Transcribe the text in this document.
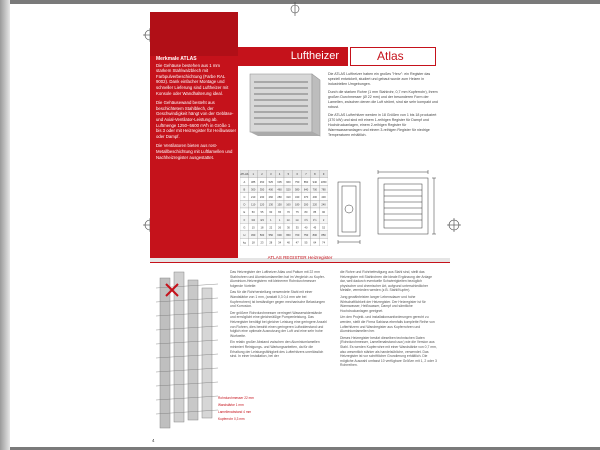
Merkmale ATLAS
Die Gehäuse bestehen aus 1 mm starkem Stahlwalzblech mit Farbpulverbeschichtung (Farbe RAL 9002). Dank einfacher Montage und schneller Lieferung sind Luftheizer mit Konsole oder Wandhalterung ideal.

Die Gehäusewand besteht aus beschichtetem Stahlblech, der Geschwindigkeit hängt von der Gebläse- und Axial-Ventilator-Leistung ab. Luftmenge 1250–5600 m³/h in Größe 1 bis 3 oder mit Heizregister für Heißwasser oder Dampf.

Die Ventilatoren bieten aus rost-Metallbeschichtung mit Luftlamellen und Nachheizregister ausgestattet.

Luftheizer	Atlas

Die ATLAS Luftheizer haben ein großes "Herz": ein Register das speziell entwickelt, studiert und gebaut wurde zum Heizen in industriellen Umgebungen.

Durch die starken Rohre (1 mm Stahlrohr, 0,7 mm Kupferrohr), ihrem großen Durchmesser (Ø 22 mm) und der besonderen Form der Lamellen, zwischen denen die Luft strömt, sind sie sehr kompakt und robust.

Die ATLAS Lufterhitzer werden in 18 Größen von 1 bis 18 produziert (370 kW) und sind mit einem 1-reihigen Register für Dampf und Hochdruckanlagen, einem 2-reihigen Register für Warmwasseranlagen und einem 3-reihigen Register für niedrige Temperaturen erhältlich.

ATLAS 1	2	3	4	5	6	7	8	9
A 385 450 525 605 660 750 850 940 1050
B 300 350 400 460 520 580 640 700 780
C 210 230 260 280 310 340 370 400 430
D 110 120 130 150 160 180 200 220 240
E 50 55 60 65 70 75 80 85 90
F 3/4 3/4 1	1 1¼	1¼	1½	1½	2
G 15 18 22 26 30 35 40 45 52
H 450 500 550 600 650 700 750 800 850
kg 18 23 28 34 40 47 55 64 74
ATLAS REGISTER Heizregister
Rohrdurchmesser 22 mm
Wandstärke 1 mm
Lamellenabstand 4 mm
Kupferrohr 0,3 mm

Das Heizregister der Luftheizer Atlas und Paltum mit 22 mm Stahlrohren und Aluminiumlamellen hat im Vergleich zu Kupfer-Aluminium-Heizregistern mit kleinerem Rohrdurchmesser folgende Vorteile:

Das für die Rohrherstellung verwendete Stahl mit einer Wandstärke von 1 mm, (anstatt 0,3 0,4 mm wie bei Kupferrohren) ist beständiger gegen mechanische Belastungen und Korrosion.

Der größere Rohrdurchmesser verringert Wasserwiderstände und ermöglicht eine gleichmäßige Pumpenleistung. Das Heizregister benötigt bei gleicher Leistung eine geringere Anzahl von Rohren, dies bewirkt einen geringeren Luftwiderstand und folglich eine optimale Ausnutzung der Luft und eine sehr hohe Wurfweite.

Ein relativ großer Abstand zwischen den Aluminiumlamellen minimiert Reinigungs- und Wartungsarbeiten, da für die Erhaltung der Leistungsfähigkeit des Lufterhitzers unerlässlich sind. In einer Installation, bei der

die Rohre und Rohrbefestigung aus Stahl sind, stellt das Heizregister mit Stahlrohren die ideale Ergänzung der Anlage dar, weil dadurch eventuelle Schwierigkeiten bezüglich physischer und chemischer Art, aufgrund unterschiedlicher Metalle, vermieden werden (z.B. Stahl/Kupfer).

Jung gewährleisten langer Lebensdauer und hohe Wirtschaftlichkeit der Heizregister. Der Heizregister ist für Warmwasser, Heißwasser, Dampf und sämtliche Hochdruckanlagen geeignet.

Um den Projekt- und installationsanforderungen gerecht zu werden, stellt die Firma Sabiana ebenfalls komplette Reihe von Lufterhitzern und Wandregister aus Kupferrohren und Aluminiumlamellen her.

Dieses Heizregister besitzt dieselben technischen Daten (Rohrdurchmesser, Lamellenabstand usw.) wie die Version aus Stahl. Es werden Kupferrohre mit einer Wandstärke von 0,7 mm, also wesentlich stärker als handelsübliche, verwendet. Das Heizregister ist vor schriftlicher Grundierung erhältlich. Die mögliche Auswahl umfasst 10 verfügbare Größen mit 1, 2 oder 3 Rohrreihen.

4
